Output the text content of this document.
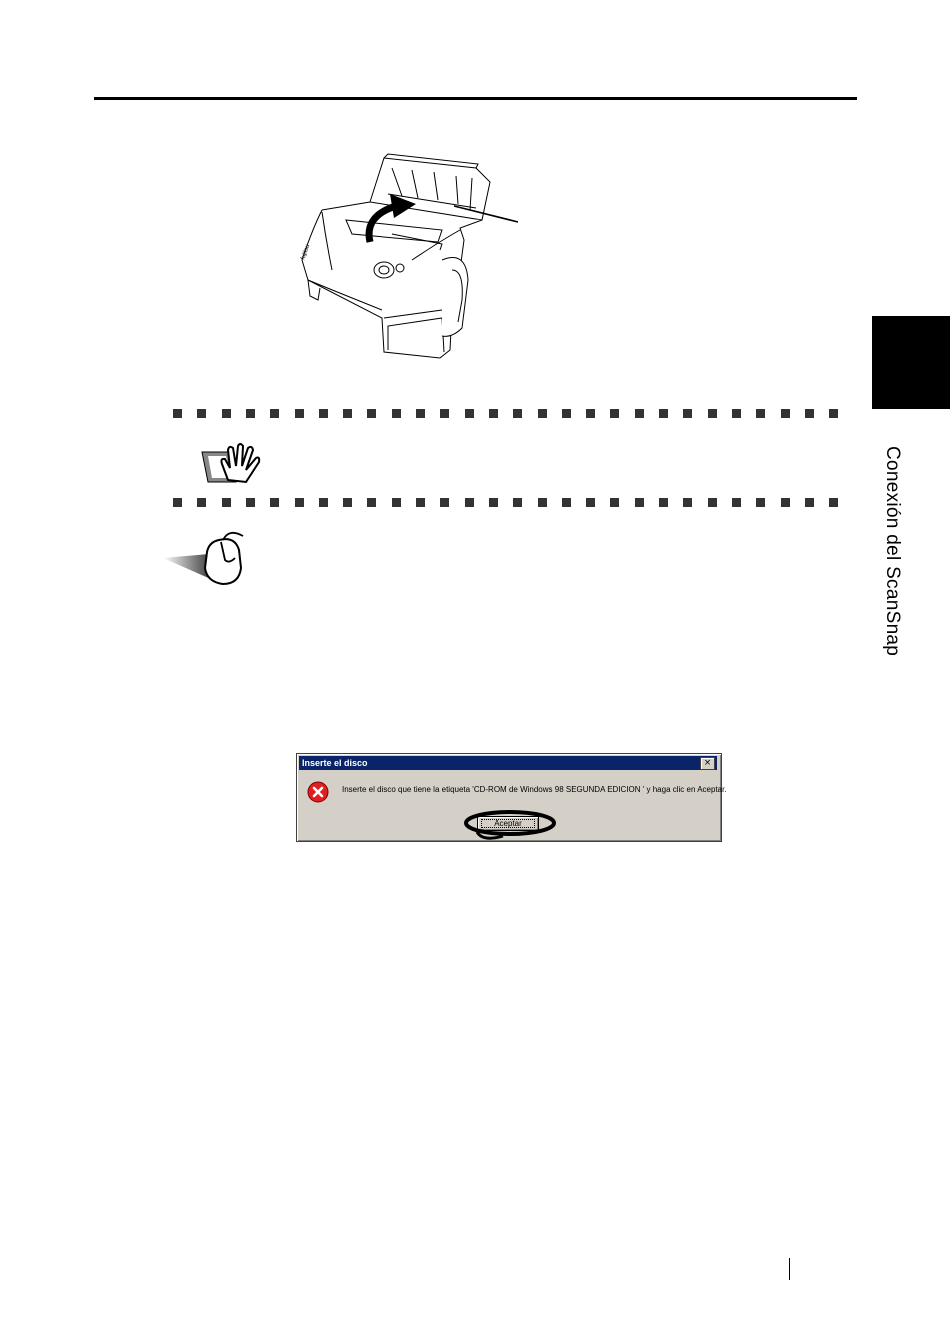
Conexión del ScanSnap
fujitsu
Inserte el disco	×
Inserte el disco que tiene la etiqueta 'CD-ROM de Windows 98 SEGUNDA EDICION ' y haga clic en Aceptar.
Aceptar
